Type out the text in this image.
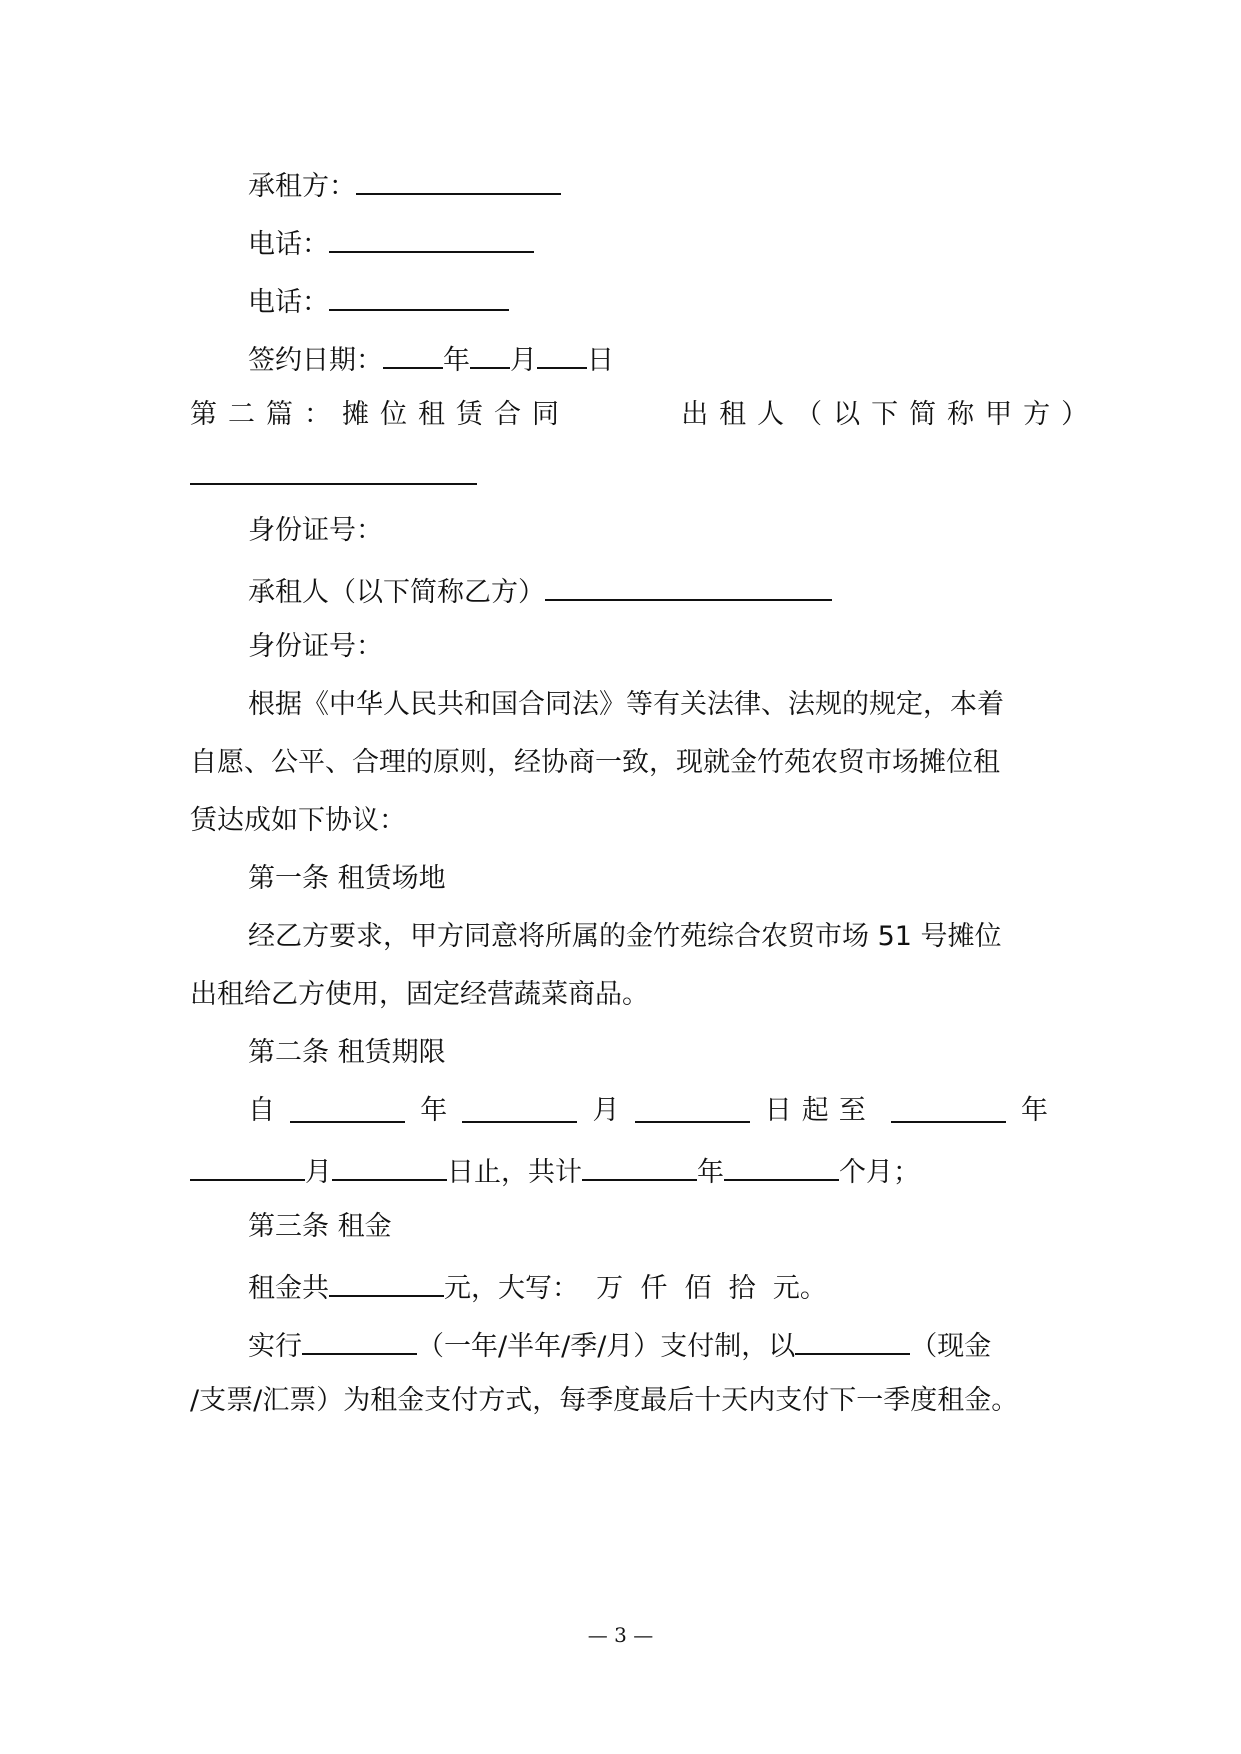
承租方：
电话：
电话：
签约日期： 年 月 日
第二篇：摊位租赁合同	出租人（以下简称甲方）
身份证号：
承租人（以下简称乙方）
身份证号：
根据《中华人民共和国合同法》等有关法律、法规的规定，本着
自愿、公平、合理的原则，经协商一致，现就金竹苑农贸市场摊位租
赁达成如下协议：
第一条 租赁场地
经乙方要求，甲方同意将所属的金竹苑综合农贸市场 51 号摊位
出租给乙方使用，固定经营蔬菜商品。
第二条 租赁期限
自	年	月	日起至	年
月	日止，共计	年	个月；
第三条 租金
租金共	元，大写：  万  仟  佰  拾  元。
实行	（一年/半年/季/月）支付制，以	（现金
/支票/汇票）为租金支付方式，每季度最后十天内支付下一季度租金。
— 3 —
